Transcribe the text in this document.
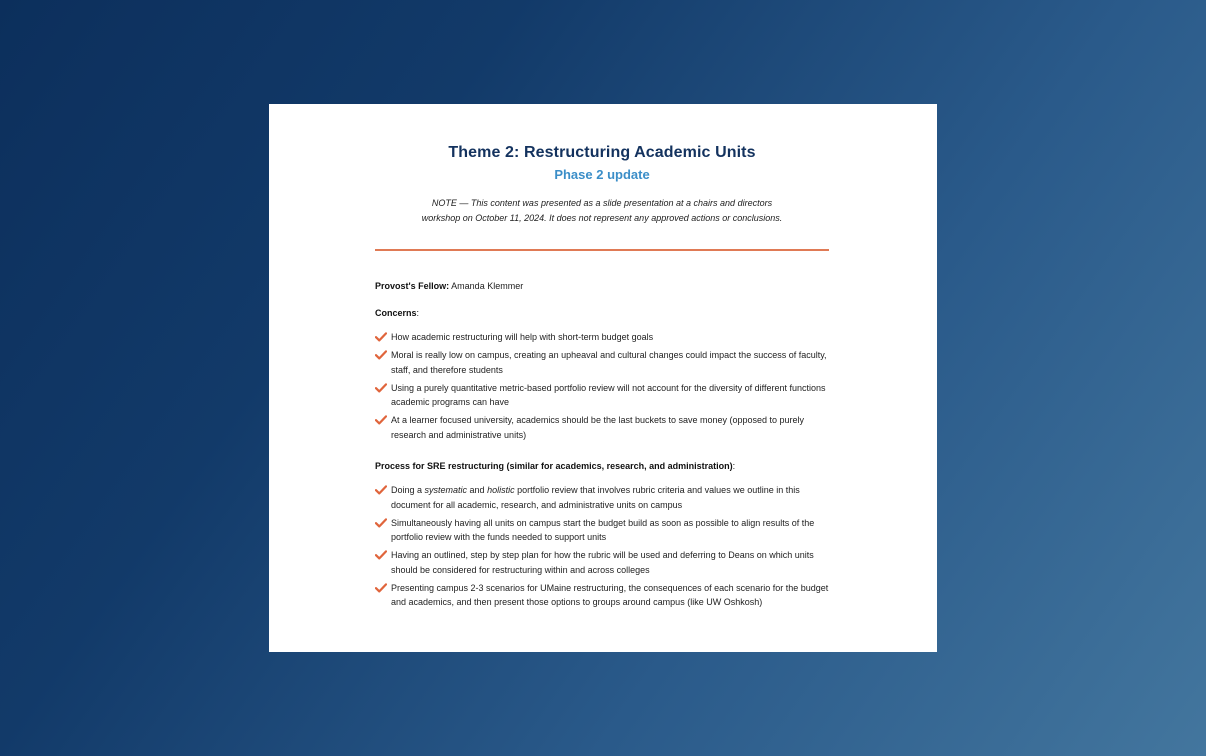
Theme 2: Restructuring Academic Units
Phase 2 update
NOTE — This content was presented as a slide presentation at a chairs and directors
workshop on October 11, 2024. It does not represent any approved actions or conclusions.
Provost's Fellow: Amanda Klemmer
Concerns:
How academic restructuring will help with short-term budget goals
Moral is really low on campus, creating an upheaval and cultural changes could impact the success of faculty, staff, and therefore students
Using a purely quantitative metric-based portfolio review will not account for the diversity of different functions academic programs can have
At a learner focused university, academics should be the last buckets to save money (opposed to purely research and administrative units)
Process for SRE restructuring (similar for academics, research, and administration):
Doing a systematic and holistic portfolio review that involves rubric criteria and values we outline in this document for all academic, research, and administrative units on campus
Simultaneously having all units on campus start the budget build as soon as possible to align results of the portfolio review with the funds needed to support units
Having an outlined, step by step plan for how the rubric will be used and deferring to Deans on which units should be considered for restructuring within and across colleges
Presenting campus 2-3 scenarios for UMaine restructuring, the consequences of each scenario for the budget and academics, and then present those options to groups around campus (like UW Oshkosh)
